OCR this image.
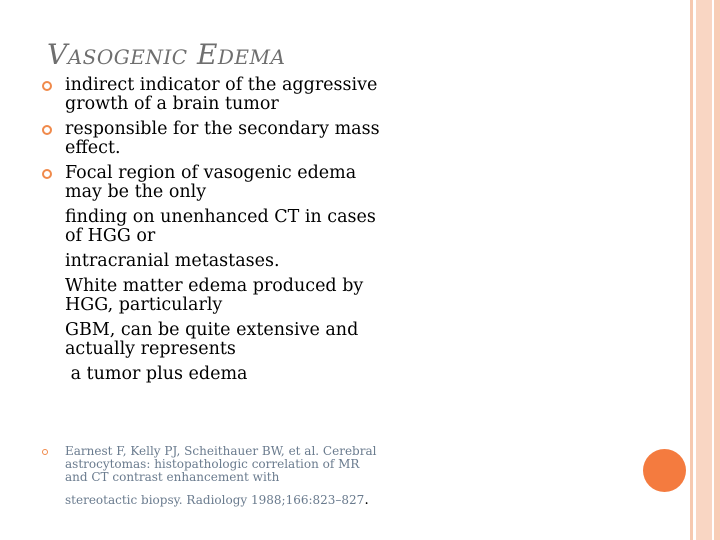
Vasogenic Edema
indirect indicator of the aggressive growth of a brain tumor
responsible for the secondary mass effect.
Focal region of vasogenic edema may be the only
finding on unenhanced CT in cases of HGG or
intracranial metastases.
White matter edema produced by HGG, particularly
GBM, can be quite extensive and actually represents
a tumor plus edema
Earnest F, Kelly PJ, Scheithauer BW, et al. Cerebral astrocytomas: histopathologic correlation of MR and CT contrast enhancement with
stereotactic biopsy. Radiology 1988;166:823–827.
